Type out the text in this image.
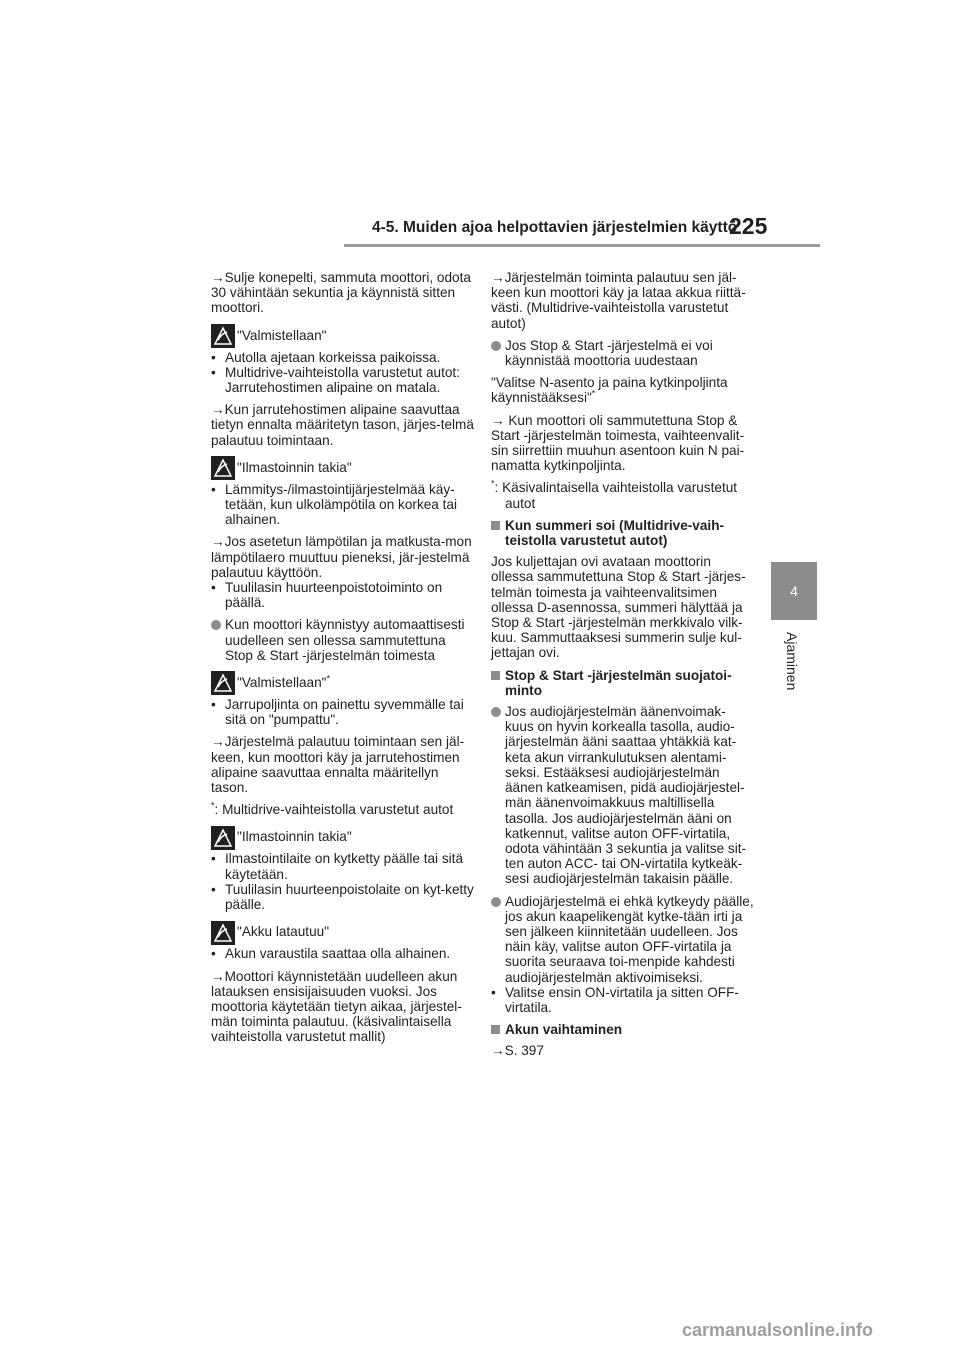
4-5. Muiden ajoa helpottavien järjestelmien käyttö
225
4
Ajaminen

→Sulje konepelti, sammuta moottori, odota 30 vähintään sekuntia ja käynnistä sitten moottori.

"Valmistellaan"

• Autolla ajetaan korkeissa paikoissa.

• Multidrive-vaihteistolla varustetut autot: Jarrutehostimen alipaine on matala.

→Kun jarrutehostimen alipaine saavuttaa tietyn ennalta määritetyn tason, järjes-telmä palautuu toimintaan.

"Ilmastoinnin takia"

• Lämmitys-/ilmastointijärjestelmää käy-tetään, kun ulkolämpötila on korkea tai alhainen.

→Jos asetetun lämpötilan ja matkusta-mon lämpötilaero muuttuu pieneksi, jär-jestelmä palautuu käyttöön.

• Tuulilasin huurteenpoistotoiminto on päällä.

Kun moottori käynnistyy automaattisesti uudelleen sen ollessa sammutettuna Stop & Start -järjestelmän toimesta

"Valmistellaan"*

• Jarrupoljinta on painettu syvemmälle tai sitä on "pumpattu".

→Järjestelmä palautuu toimintaan sen jäl-keen, kun moottori käy ja jarrutehostimen alipaine saavuttaa ennalta määritellyn tason.

*: Multidrive-vaihteistolla varustetut autot

"Ilmastoinnin takia"

• Ilmastointilaite on kytketty päälle tai sitä käytetään.

• Tuulilasin huurteenpoistolaite on kyt-ketty päälle.

"Akku latautuu"

• Akun varaustila saattaa olla alhainen.

→Moottori käynnistetään uudelleen akun latauksen ensisijaisuuden vuoksi. Jos moottoria käytetään tietyn aikaa, järjestel-män toiminta palautuu. (käsivalintaisella vaihteistolla varustetut mallit)

→Järjestelmän toiminta palautuu sen jäl-keen kun moottori käy ja lataa akkua riittä-västi. (Multidrive-vaihteistolla varustetut autot)

Jos Stop & Start -järjestelmä ei voi käynnistää moottoria uudestaan

"Valitse N-asento ja paina kytkinpoljinta käynnistääksesi"*

→ Kun moottori oli sammutettuna Stop & Start -järjestelmän toimesta, vaihteenvalit-sin siirrettiin muuhun asentoon kuin N pai-namatta kytkinpoljinta.

*: Käsivalintaisella vaihteistolla varustetut autot

Kun summeri soi (Multidrive-vaih-teistolla varustetut autot)

Jos kuljettajan ovi avataan moottorin ollessa sammutettuna Stop & Start -järjes-telmän toimesta ja vaihteenvalitsimen ollessa D-asennossa, summeri hälyttää ja Stop & Start -järjestelmän merkkivalo vilk-kuu. Sammuttaaksesi summerin sulje kul-jettajan ovi.

Stop & Start -järjestelmän suojatoi-minto

Jos audiojärjestelmän äänenvoimak-kuus on hyvin korkealla tasolla, audio-järjestelmän ääni saattaa yhtäkkiä kat-keta akun virrankulutuksen alentami-seksi. Estääksesi audiojärjestelmän äänen katkeamisen, pidä audiojärjestel-män äänenvoimakkuus maltillisella tasolla. Jos audiojärjestelmän ääni on katkennut, valitse auton OFF-virtatila, odota vähintään 3 sekuntia ja valitse sit-ten auton ACC- tai ON-virtatila kytkeäk-sesi audiojärjestelmän takaisin päälle.

Audiojärjestelmä ei ehkä kytkeydy päälle, jos akun kaapelikengät kytke-tään irti ja sen jälkeen kiinnitetään uudelleen. Jos näin käy, valitse auton OFF-virtatila ja suorita seuraava toi-menpide kahdesti audiojärjestelmän aktivoimiseksi.

• Valitse ensin ON-virtatila ja sitten OFF-virtatila.

Akun vaihtaminen

→S. 397

carmanualsonline.info
